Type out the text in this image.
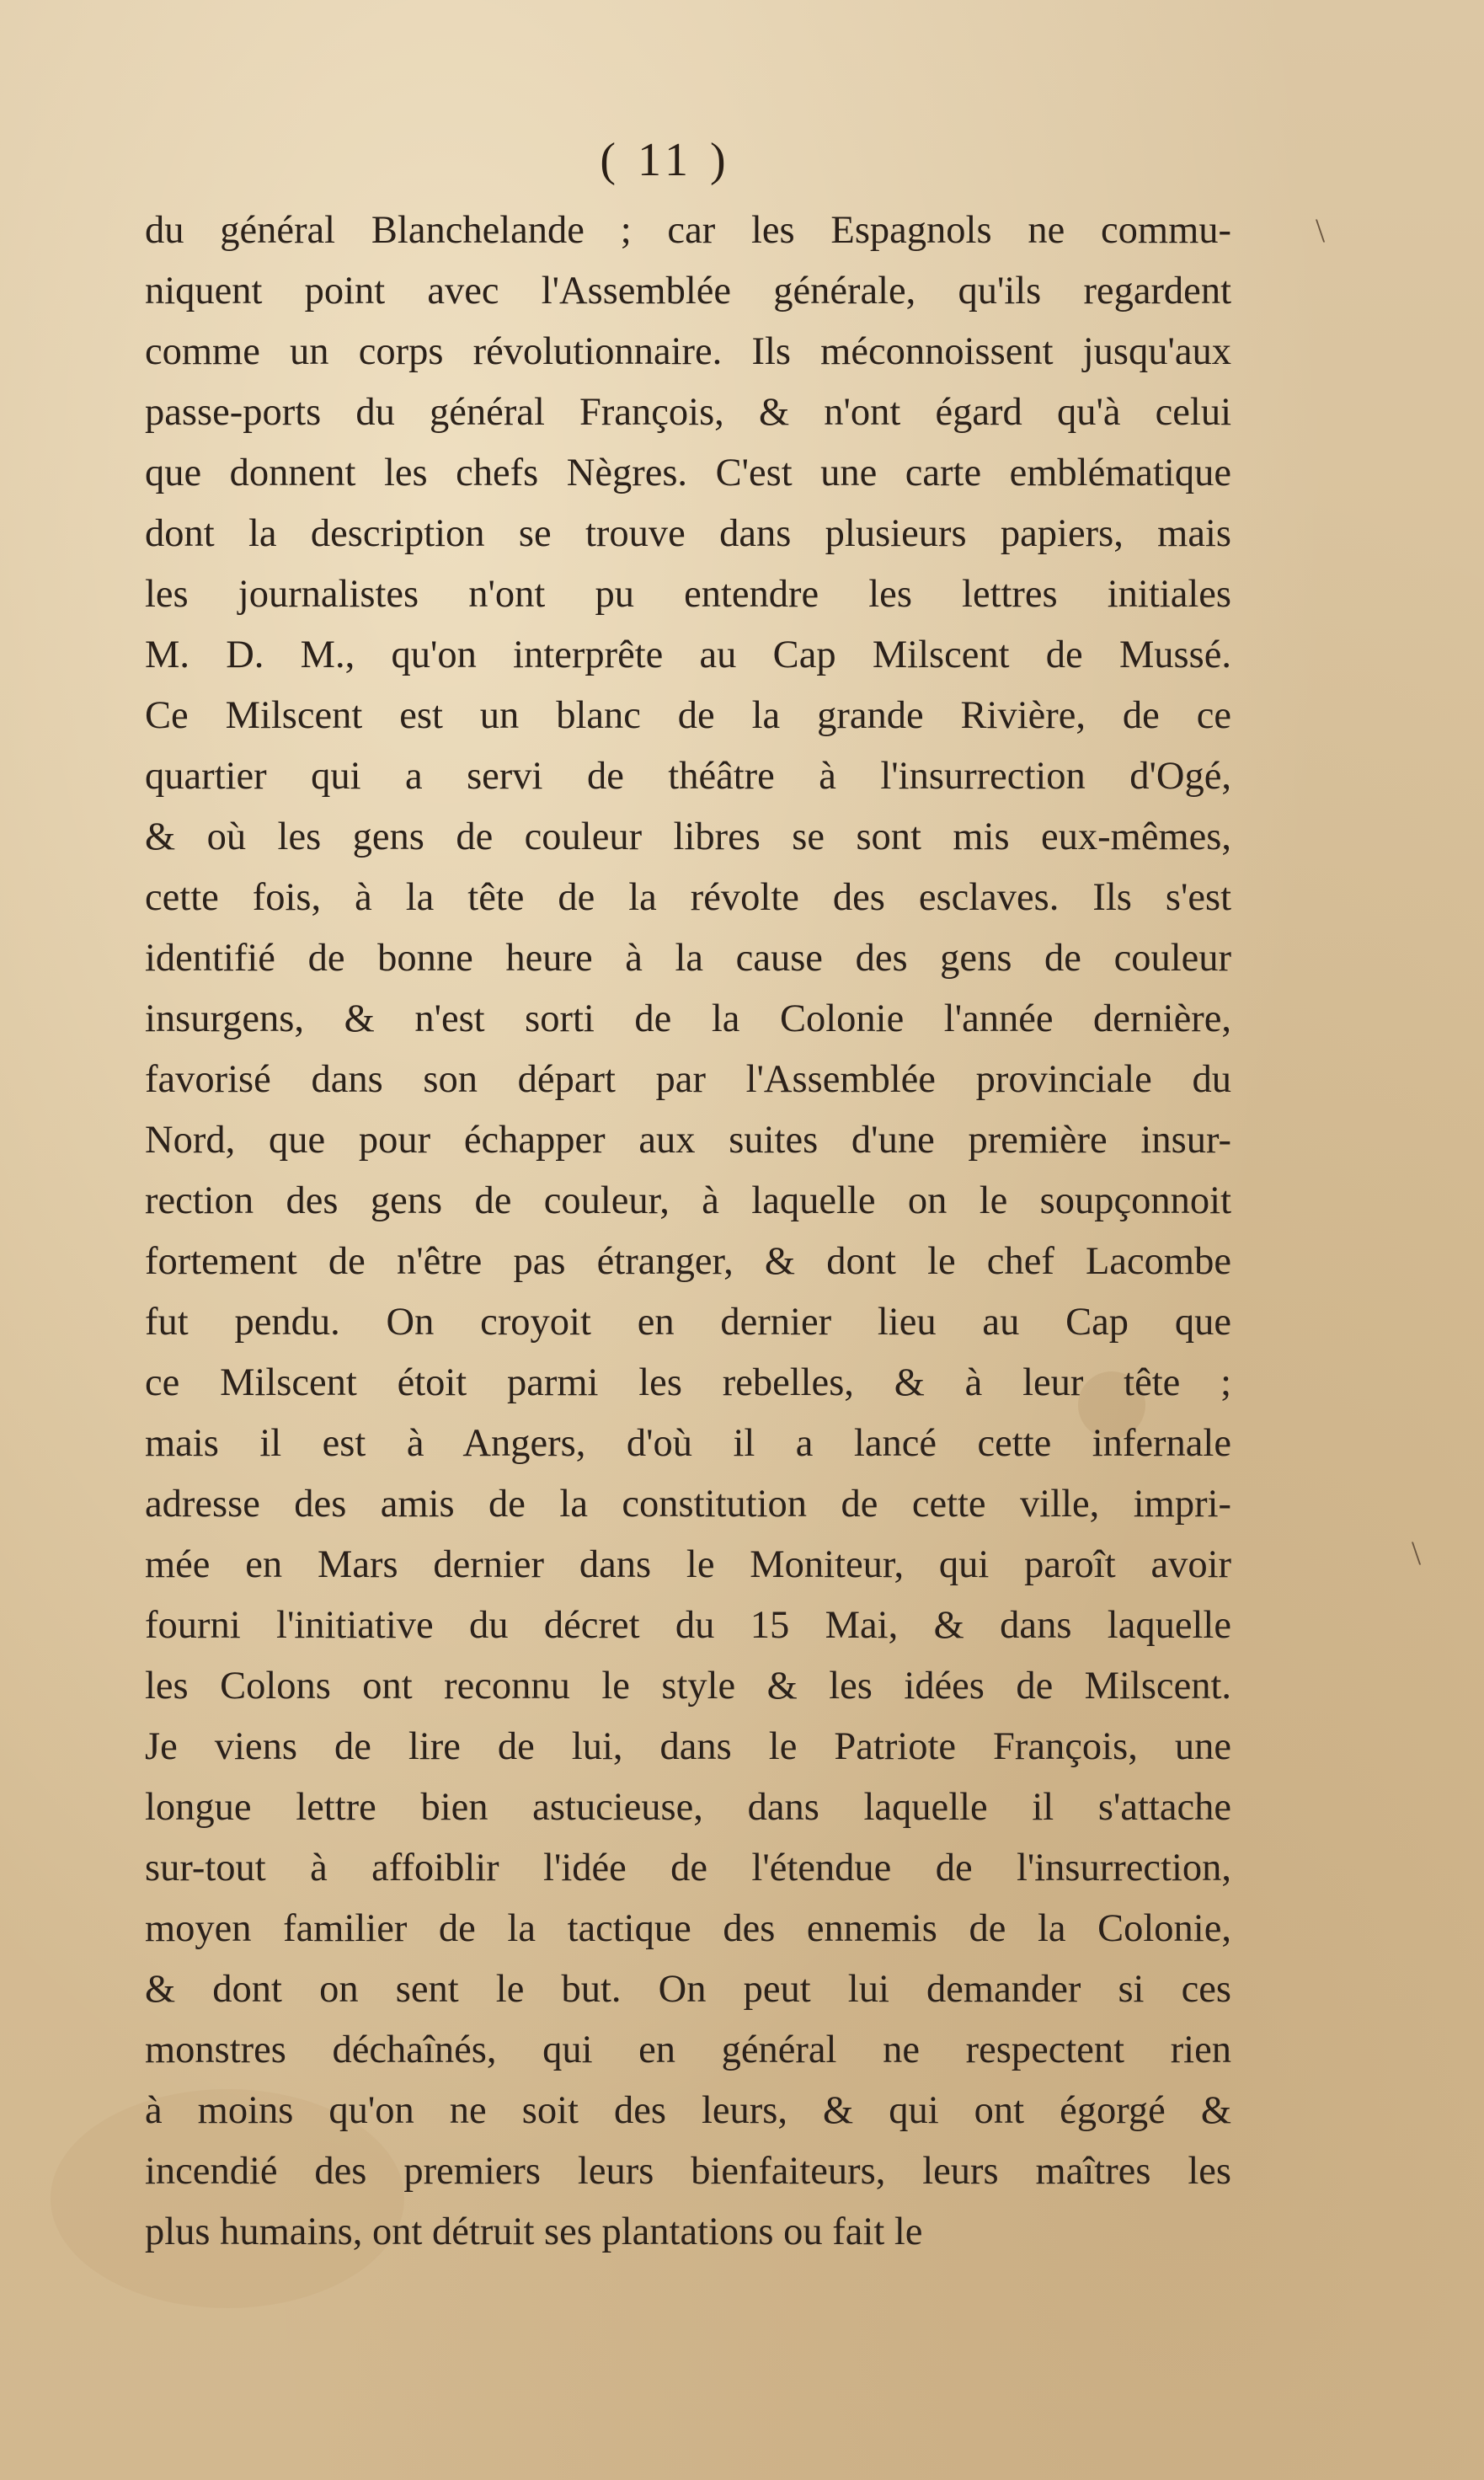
\
\
( 11 )
du général Blanchelande ; car les Espagnols ne commu-
niquent point avec l'Assemblée générale, qu'ils regardent
comme un corps révolutionnaire. Ils méconnoissent jusqu'aux
passe-ports du général François, & n'ont égard qu'à celui
que donnent les chefs Nègres. C'est une carte emblématique
dont la description se trouve dans plusieurs papiers, mais
les journalistes n'ont pu entendre les lettres initiales
M. D. M., qu'on interprête au Cap Milscent de Mussé.
Ce Milscent est un blanc de la grande Rivière, de ce
quartier qui a servi de théâtre à l'insurrection d'Ogé,
& où les gens de couleur libres se sont mis eux-mêmes,
cette fois, à la tête de la révolte des esclaves. Ils s'est
identifié de bonne heure à la cause des gens de couleur
insurgens, & n'est sorti de la Colonie l'année dernière,
favorisé dans son départ par l'Assemblée provinciale du
Nord, que pour échapper aux suites d'une première insur-
rection des gens de couleur, à laquelle on le soupçonnoit
fortement de n'être pas étranger, & dont le chef Lacombe
fut pendu. On croyoit en dernier lieu au Cap que
ce Milscent étoit parmi les rebelles, & à leur tête ;
mais il est à Angers, d'où il a lancé cette infernale
adresse des amis de la constitution de cette ville, impri-
mée en Mars dernier dans le Moniteur, qui paroît avoir
fourni l'initiative du décret du 15 Mai, & dans laquelle
les Colons ont reconnu le style & les idées de Milscent.
Je viens de lire de lui, dans le Patriote François, une
longue lettre bien astucieuse, dans laquelle il s'attache
sur-tout à affoiblir l'idée de l'étendue de l'insurrection,
moyen familier de la tactique des ennemis de la Colonie,
& dont on sent le but. On peut lui demander si ces
monstres déchaînés, qui en général ne respectent rien
à moins qu'on ne soit des leurs, & qui ont égorgé &
incendié des premiers leurs bienfaiteurs, leurs maîtres les
plus humains, ont détruit ses plantations ou fait le
